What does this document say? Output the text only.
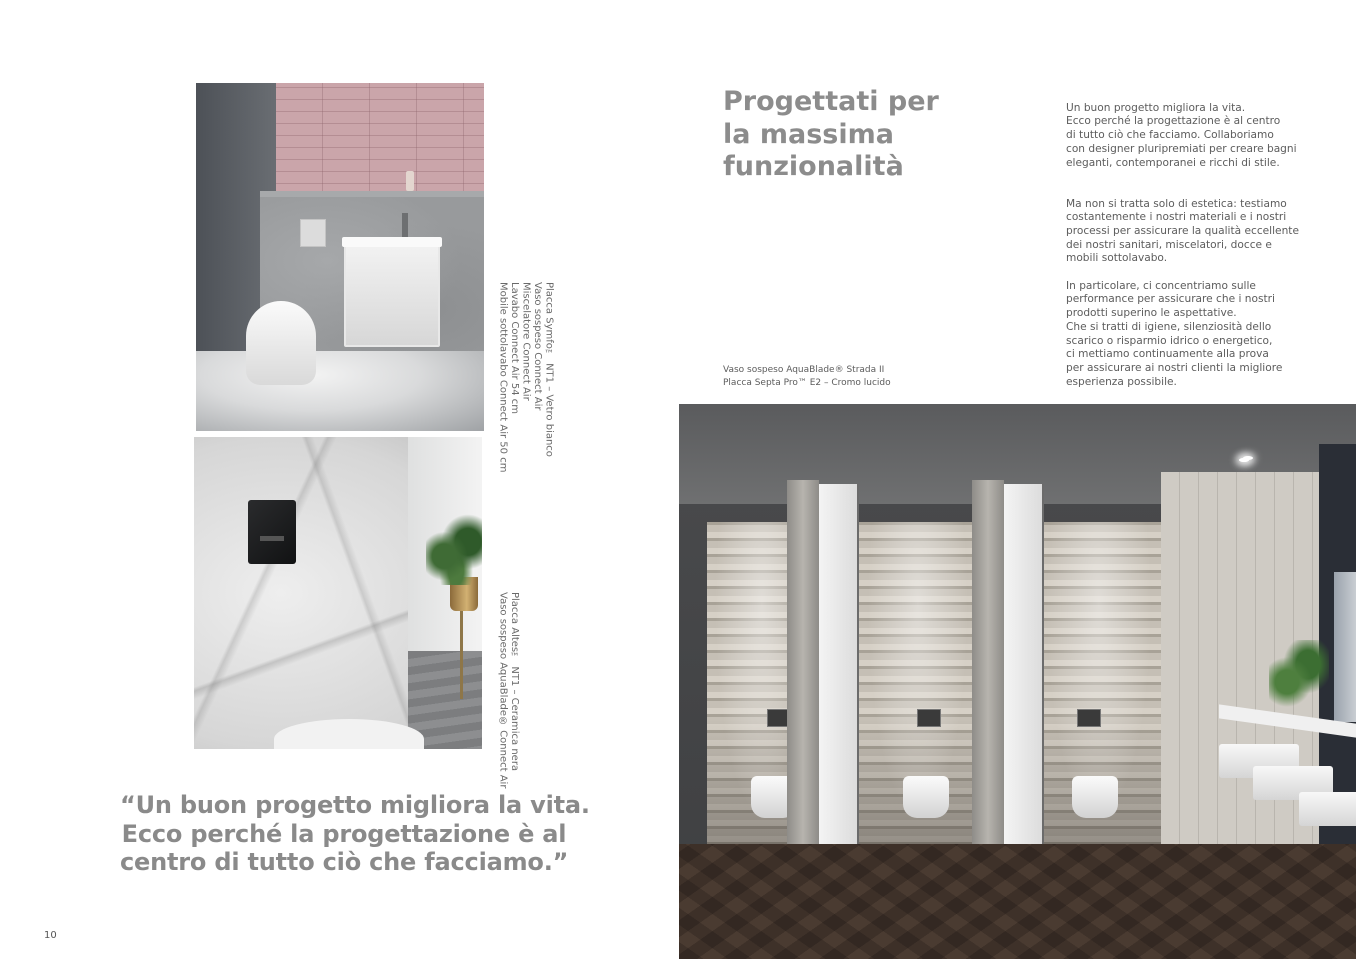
Placca Symfo™ NT1 – Vetro bianco
Vaso sospeso Connect Air
Miscelatore Connect Air
Lavabo Connect Air 54 cm
Mobile sottolavabo Connect Air 50 cm
Placca Altes™ NT1 – Ceramica nera
Vaso sospeso AquaBlade® Connect Air
“Un buon progetto migliora la vita.
Ecco perché la progettazione è al
centro di tutto ciò che facciamo.”
10
Progettati per
la massima
funzionalità

Un buon progetto migliora la vita.
Ecco perché la progettazione è al centro
di tutto ciò che facciamo. Collaboriamo
con designer pluripremiati per creare bagni
eleganti, contemporanei e ricchi di stile.

Ma non si tratta solo di estetica: testiamo
costantemente i nostri materiali e i nostri
processi per assicurare la qualità eccellente
dei nostri sanitari, miscelatori, docce e
mobili sottolavabo.
In particolare, ci concentriamo sulle
performance per assicurare che i nostri
prodotti superino le aspettative.
Che si tratti di igiene, silenziosità dello
scarico o risparmio idrico o energetico,
ci mettiamo continuamente alla prova
per assicurare ai nostri clienti la migliore
esperienza possibile.
Vaso sospeso AquaBlade® Strada II
Placca Septa Pro™ E2 – Cromo lucido
